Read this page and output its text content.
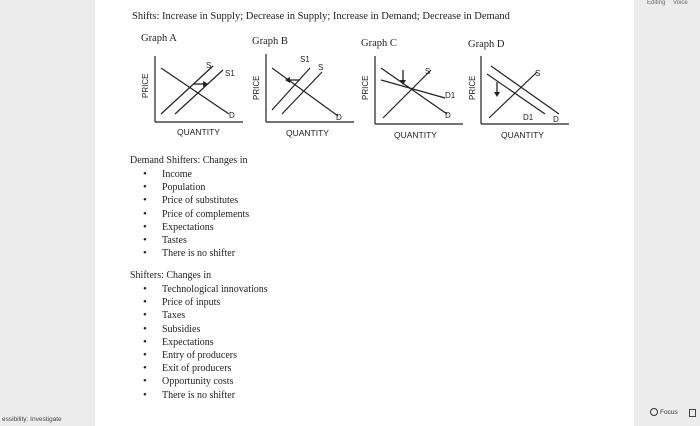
Editing Voice
Shifts: Increase in Supply; Decrease in Supply; Increase in Demand; Decrease in Demand
Graph A	Graph B	Graph C	Graph D
PRICE
S
S1
D
QUANTITY
PRICE
S1
S
D
QUANTITY
PRICE
S
D1
D
QUANTITY
PRICE
S
D1 D
QUANTITY
Demand Shifters: Changes in
• Income
• Population
• Price of substitutes
• Price of complements
• Expectations
• Tastes
• There is no shifter
Shifters: Changes in
• Technological innovations
• Price of inputs
• Taxes
• Subsidies
• Expectations
• Entry of producers
• Exit of producers
• Opportunity costs
• There is no shifter
essibility: Investigate
Focus
